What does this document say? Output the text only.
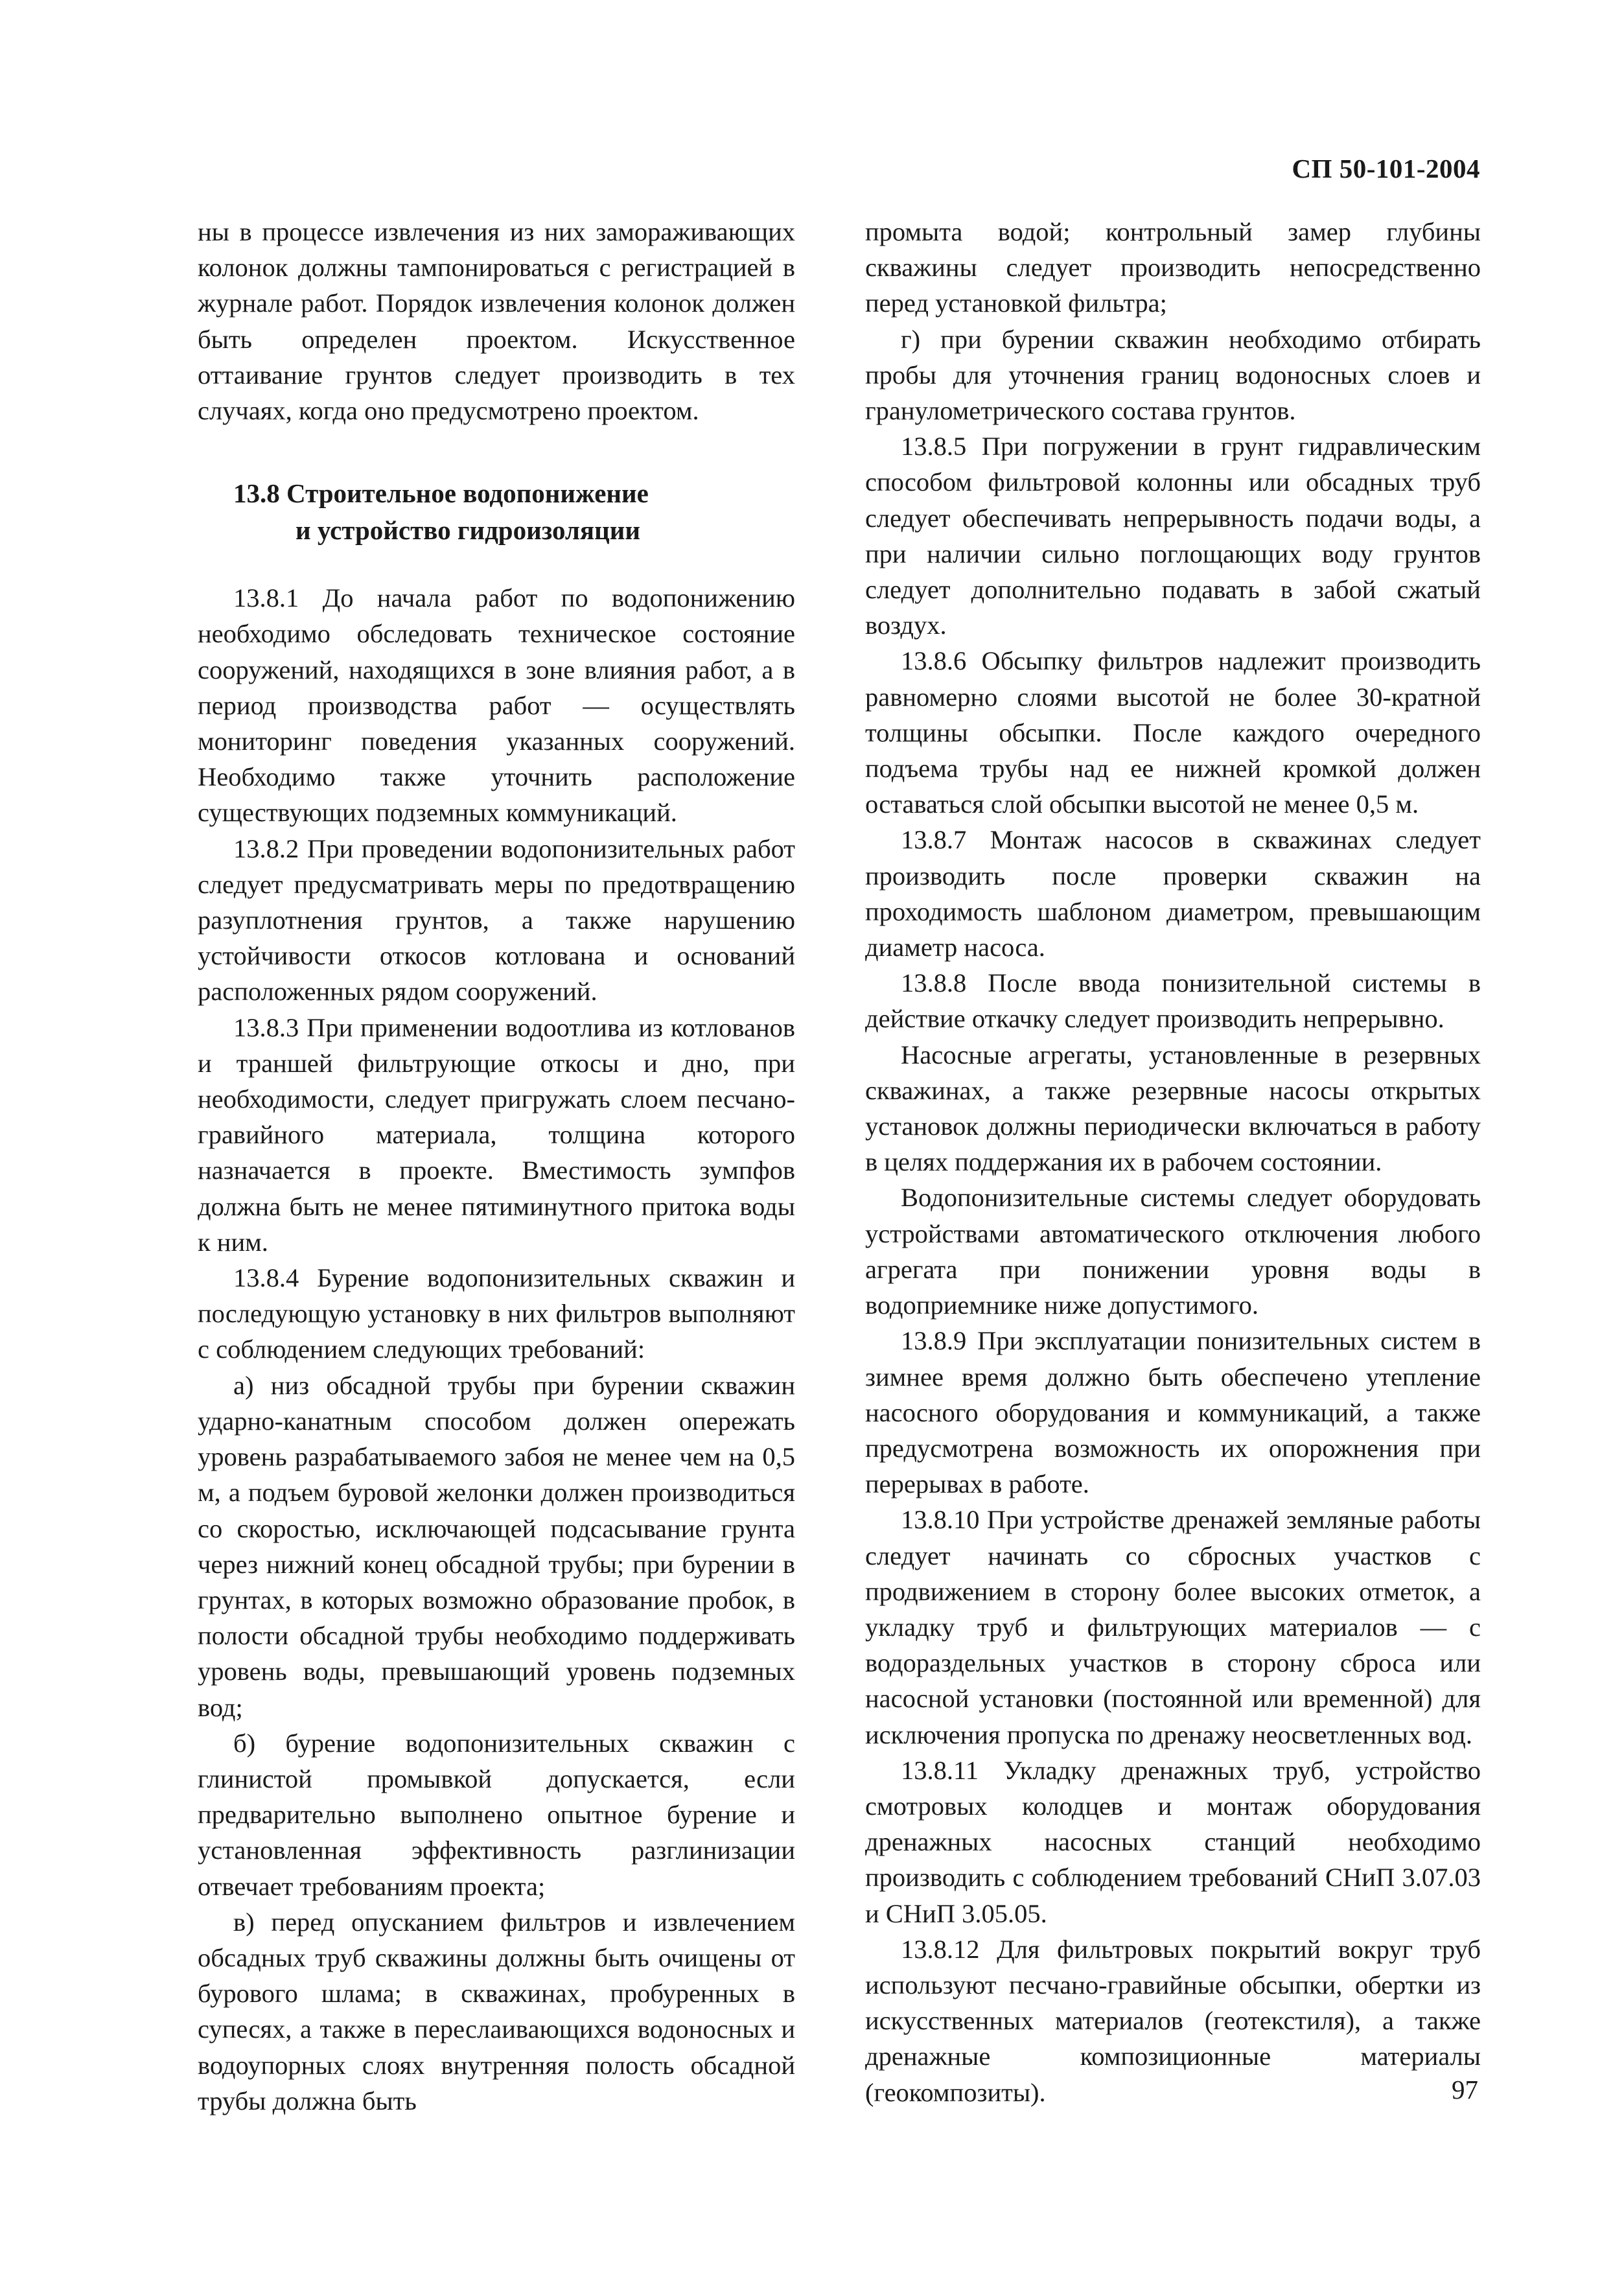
СП 50-101-2004

ны в процессе извлечения из них замораживающих колонок должны тампонироваться с регистрацией в журнале работ. Порядок извлечения колонок должен быть определен проектом. Искусственное оттаивание грунтов следует производить в тех случаях, когда оно предусмотрено проектом.

13.8 Строительное водопонижение
и устройство гидроизоляции

13.8.1 До начала работ по водопонижению необходимо обследовать техническое состояние сооружений, находящихся в зоне влияния работ, а в период производства работ — осуществлять мониторинг поведения указанных сооружений. Необходимо также уточнить расположение существующих подземных коммуникаций.

13.8.2 При проведении водопонизительных работ следует предусматривать меры по предотвращению разуплотнения грунтов, а также нарушению устойчивости откосов котлована и оснований расположенных рядом сооружений.

13.8.3 При применении водоотлива из котлованов и траншей фильтрующие откосы и дно, при необходимости, следует пригружать слоем песчано-гравийного материала, толщина которого назначается в проекте. Вместимость зумпфов должна быть не менее пятиминутного притока воды к ним.

13.8.4 Бурение водопонизительных скважин и последующую установку в них фильтров выполняют с соблюдением следующих требований:

а) низ обсадной трубы при бурении скважин ударно-канатным способом должен опережать уровень разрабатываемого забоя не менее чем на 0,5 м, а подъем буровой желонки должен производиться со скоростью, исключающей подсасывание грунта через нижний конец обсадной трубы; при бурении в грунтах, в которых возможно образование пробок, в полости обсадной трубы необходимо поддерживать уровень воды, превышающий уровень подземных вод;

б) бурение водопонизительных скважин с глинистой промывкой допускается, если предварительно выполнено опытное бурение и установленная эффективность разглинизации отвечает требованиям проекта;

в) перед опусканием фильтров и извлечением обсадных труб скважины должны быть очищены от бурового шлама; в скважинах, пробуренных в супесях, а также в переслаивающихся водоносных и водоупорных слоях внутренняя полость обсадной трубы должна быть

промыта водой; контрольный замер глубины скважины следует производить непосредственно перед установкой фильтра;

г) при бурении скважин необходимо отбирать пробы для уточнения границ водоносных слоев и гранулометрического состава грунтов.

13.8.5 При погружении в грунт гидравлическим способом фильтровой колонны или обсадных труб следует обеспечивать непрерывность подачи воды, а при наличии сильно поглощающих воду грунтов следует дополнительно подавать в забой сжатый воздух.

13.8.6 Обсыпку фильтров надлежит производить равномерно слоями высотой не более 30-кратной толщины обсыпки. После каждого очередного подъема трубы над ее нижней кромкой должен оставаться слой обсыпки высотой не менее 0,5 м.

13.8.7 Монтаж насосов в скважинах следует производить после проверки скважин на проходимость шаблоном диаметром, превышающим диаметр насоса.

13.8.8 После ввода понизительной системы в действие откачку следует производить непрерывно.

Насосные агрегаты, установленные в резервных скважинах, а также резервные насосы открытых установок должны периодически включаться в работу в целях поддержания их в рабочем состоянии.

Водопонизительные системы следует оборудовать устройствами автоматического отключения любого агрегата при понижении уровня воды в водоприемнике ниже допустимого.

13.8.9 При эксплуатации понизительных систем в зимнее время должно быть обеспечено утепление насосного оборудования и коммуникаций, а также предусмотрена возможность их опорожнения при перерывах в работе.

13.8.10 При устройстве дренажей земляные работы следует начинать со сбросных участков с продвижением в сторону более высоких отметок, а укладку труб и фильтрующих материалов — с водораздельных участков в сторону сброса или насосной установки (постоянной или временной) для исключения пропуска по дренажу неосветленных вод.

13.8.11 Укладку дренажных труб, устройство смотровых колодцев и монтаж оборудования дренажных насосных станций необходимо производить с соблюдением требований СНиП 3.07.03 и СНиП 3.05.05.

13.8.12 Для фильтровых покрытий вокруг труб используют песчано-гравийные обсыпки, обертки из искусственных материалов (геотекстиля), а также дренажные композиционные материалы (геокомпозиты).	97
